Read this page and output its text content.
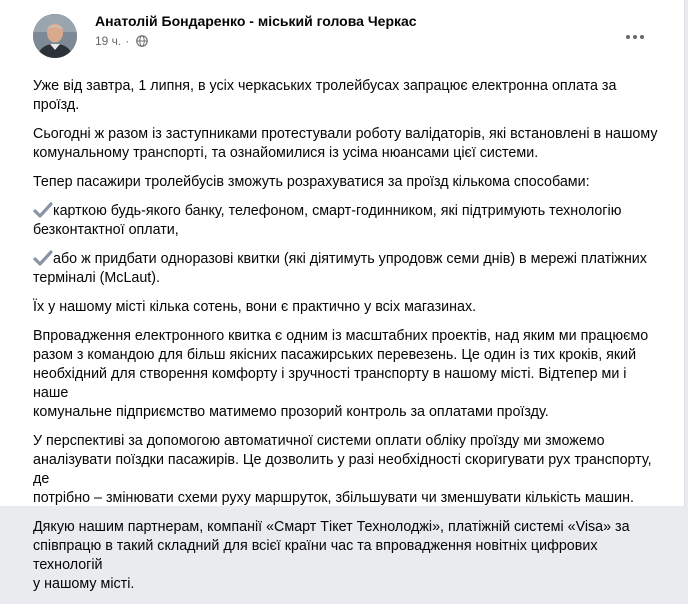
Анатолій Бондаренко - міський голова Черкас
19 ч. ·

Уже від завтра, 1 липня, в усіх черкаських тролейбусах запрацює електронна оплата за проїзд.

Сьогодні ж разом із заступниками протестували роботу валідаторів, які встановлені в нашому
комунальному транспорті, та ознайомилися із усіма нюансами цієї системи.

Тепер пасажири тролейбусів зможуть розрахуватися за проїзд кількома способами:

карткою будь-якого банку, телефоном, смарт-годинником, які підтримують технологію
безконтактної оплати,
або ж придбати одноразові квитки (які діятимуть упродовж семи днів) в мережі платіжних
терміналі (McLaut).

Їх у нашому місті кілька сотень, вони є практично у всіх магазинах.

Впровадження електронного квитка є одним із масштабних проектів, над яким ми працюємо
разом з командою для більш якісних пасажирських перевезень. Це один із тих кроків, який
необхідний для створення комфорту і зручності транспорту в нашому місті. Відтепер ми і наше
комунальне підприємство матимемо прозорий контроль за оплатами проїзду.

У перспективі за допомогою автоматичної системи оплати обліку проїзду ми зможемо
аналізувати поїздки пасажирів. Це дозволить у разі необхідності скоригувати рух транспорту, де
потрібно – змінювати схеми руху маршруток, збільшувати чи зменшувати кількість машин.

Дякую нашим партнерам, компанії «Смарт Тікет Технолоджі», платіжній системі «Visa» за
співпрацю в такий складний для всієї країни час та впровадження новітніх цифрових технологій
у нашому місті.
